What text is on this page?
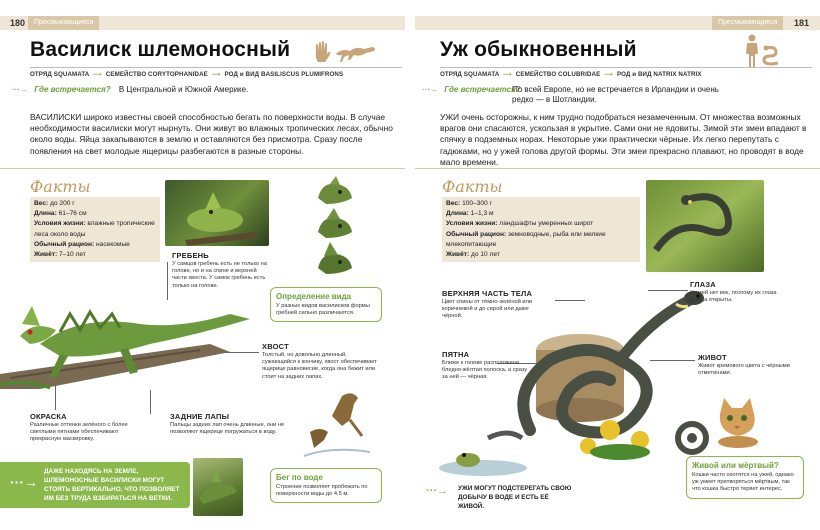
180	Пресмыкающиеся
Василиск шлемоносный
ОТРЯД SQUAMATA ⟶ СЕМЕЙСТВО CORYTOPHANIDAE ⟶ РОД и ВИД BASILISCUS PLUMIFRONS
···→ Где встречается? В Центральной и Южной Америке.
ВАСИЛИСКИ широко известны своей способностью бегать по поверхности воды. В случае необходимости василиски могут нырнуть. Они живут во влажных тропических лесах, обычно около воды. Яйца закапываются в землю и оставляются без присмотра. Сразу после появления на свет молодые ящерицы разбегаются в разные стороны.
Факты
Вес: до 200 г
Длина: 61–76 см
Условия жизни: влажные тропические леса около воды
Обычный рацион: насекомые
Живёт: 7–10 лет	ГРЕБЕНЬ
У самцов гребень есть не только на голове, но и на спине и верхней части хвоста. У самок гребень есть только на голове.
Определение вида
У разных видов василисков формы гребней сильно различаются.
ХВОСТ
Толстый, но довольно длинный, сужающийся к кончику, хвост обеспечивает ящерице равновесие, когда она бежит или стоит на задних лапах.
ОКРАСКА
Различные оттенки зелёного с более светлыми пятнами обеспечивают прекрасную маскировку.
ЗАДНИЕ ЛАПЫ
Пальцы задних лап очень длинные, они не позволяют ящерице погружаться в воду.
ДАЖЕ НАХОДЯСЬ НА ЗЕМЛЕ, ШЛЕМОНОСНЫЕ ВАСИЛИСКИ МОГУТ СТОЯТЬ ВЕРТИКАЛЬНО, ЧТО ПОЗВОЛЯЕТ ИМ БЕЗ ТРУДА ВЗБИРАТЬСЯ НА ВЕТКИ.
···→	Бег по воде
Строение позволяет пробежать по поверхности воды до 4,5 м.
Пресмыкающиеся	181
Уж обыкновенный
ОТРЯД SQUAMATA ⟶ СЕМЕЙСТВО COLUBRIDAE ⟶ РОД и ВИД NATRIX NATRIX
···→ Где встречается?
По всей Европе, но не встречается в Ирландии и очень редко — в Шотландии.
УЖИ очень осторожны, к ним трудно подобраться незамеченным. От множества возможных врагов они спасаются, ускользая в укрытие. Сами они не ядовиты. Зимой эти змеи впадают в спячку в подземных норах. Некоторые ужи практически чёрные. Их легко перепутать с гадюками, но у ужей голова другой формы. Эти змеи прекрасно плавают, но проводят в воде мало времени.
Факты
Вес: 100–300 г
Длина: 1–1,3 м
Условия жизни: ландшафты умеренных широт
Обычный рацион: земноводные, рыба или мелкие млекопитающие
Живёт: до 10 лет
ВЕРХНЯЯ ЧАСТЬ ТЕЛА
Цвет спины от тёмно-зелёной или коричневой и до серой или даже чёрной.
ГЛАЗА
У змей нет век, поэтому их глаза всегда открыты.
ПЯТНА
Ближе к голове расположена бледно-жёлтая полоска, а сразу за ней — чёрная.
ЖИВОТ
Живот кремового цвета с чёрными отметинами.
УЖИ МОГУТ ПОДСТЕРЕГАТЬ СВОЮ ДОБЫЧУ В ВОДЕ И ЕСТЬ ЕЁ ЖИВОЙ.
···→
Живой или мёртвый?
Кошки часто охотятся на ужей, однако уж умеет притворяться мёртвым, так что кошка быстро теряет интерес.
